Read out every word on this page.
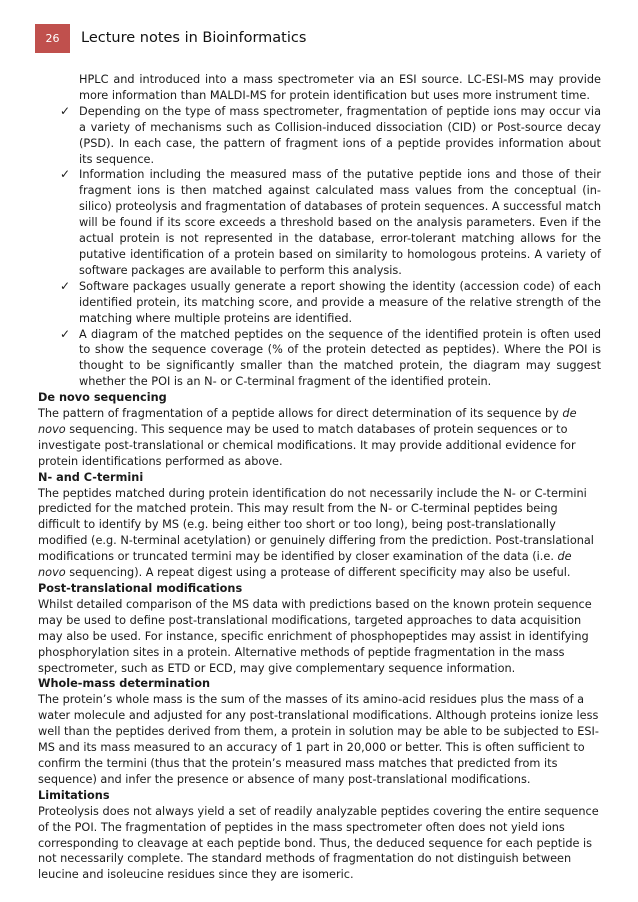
26	Lecture notes in Bioinformatics
HPLC and introduced into a mass spectrometer via an ESI source. LC-ESI-MS may provide more information than MALDI-MS for protein identification but uses more instrument time.
✓ Depending on the type of mass spectrometer, fragmentation of peptide ions may occur via a variety of mechanisms such as Collision-induced dissociation (CID) or Post-source decay (PSD). In each case, the pattern of fragment ions of a peptide provides information about its sequence.
✓ Information including the measured mass of the putative peptide ions and those of their fragment ions is then matched against calculated mass values from the conceptual (in-silico) proteolysis and fragmentation of databases of protein sequences. A successful match will be found if its score exceeds a threshold based on the analysis parameters. Even if the actual protein is not represented in the database, error-tolerant matching allows for the putative identification of a protein based on similarity to homologous proteins. A variety of software packages are available to perform this analysis.
✓ Software packages usually generate a report showing the identity (accession code) of each identified protein, its matching score, and provide a measure of the relative strength of the matching where multiple proteins are identified.
✓ A diagram of the matched peptides on the sequence of the identified protein is often used to show the sequence coverage (% of the protein detected as peptides). Where the POI is thought to be significantly smaller than the matched protein, the diagram may suggest whether the POI is an N- or C-terminal fragment of the identified protein.

De novo sequencing

The pattern of fragmentation of a peptide allows for direct determination of its sequence by de novo sequencing. This sequence may be used to match databases of protein sequences or to investigate post-translational or chemical modifications. It may provide additional evidence for protein identifications performed as above.

N- and C-termini

The peptides matched during protein identification do not necessarily include the N- or C-termini predicted for the matched protein. This may result from the N- or C-terminal peptides being difficult to identify by MS (e.g. being either too short or too long), being post-translationally modified (e.g. N-terminal acetylation) or genuinely differing from the prediction. Post-translational modifications or truncated termini may be identified by closer examination of the data (i.e. de novo sequencing). A repeat digest using a protease of different specificity may also be useful.

Post-translational modifications

Whilst detailed comparison of the MS data with predictions based on the known protein sequence may be used to define post-translational modifications, targeted approaches to data acquisition may also be used. For instance, specific enrichment of phosphopeptides may assist in identifying phosphorylation sites in a protein. Alternative methods of peptide fragmentation in the mass spectrometer, such as ETD or ECD, may give complementary sequence information.

Whole-mass determination

The protein’s whole mass is the sum of the masses of its amino-acid residues plus the mass of a water molecule and adjusted for any post-translational modifications. Although proteins ionize less well than the peptides derived from them, a protein in solution may be able to be subjected to ESI-MS and its mass measured to an accuracy of 1 part in 20,000 or better. This is often sufficient to confirm the termini (thus that the protein’s measured mass matches that predicted from its sequence) and infer the presence or absence of many post-translational modifications.

Limitations

Proteolysis does not always yield a set of readily analyzable peptides covering the entire sequence of the POI. The fragmentation of peptides in the mass spectrometer often does not yield ions corresponding to cleavage at each peptide bond. Thus, the deduced sequence for each peptide is not necessarily complete. The standard methods of fragmentation do not distinguish between leucine and isoleucine residues since they are isomeric.
